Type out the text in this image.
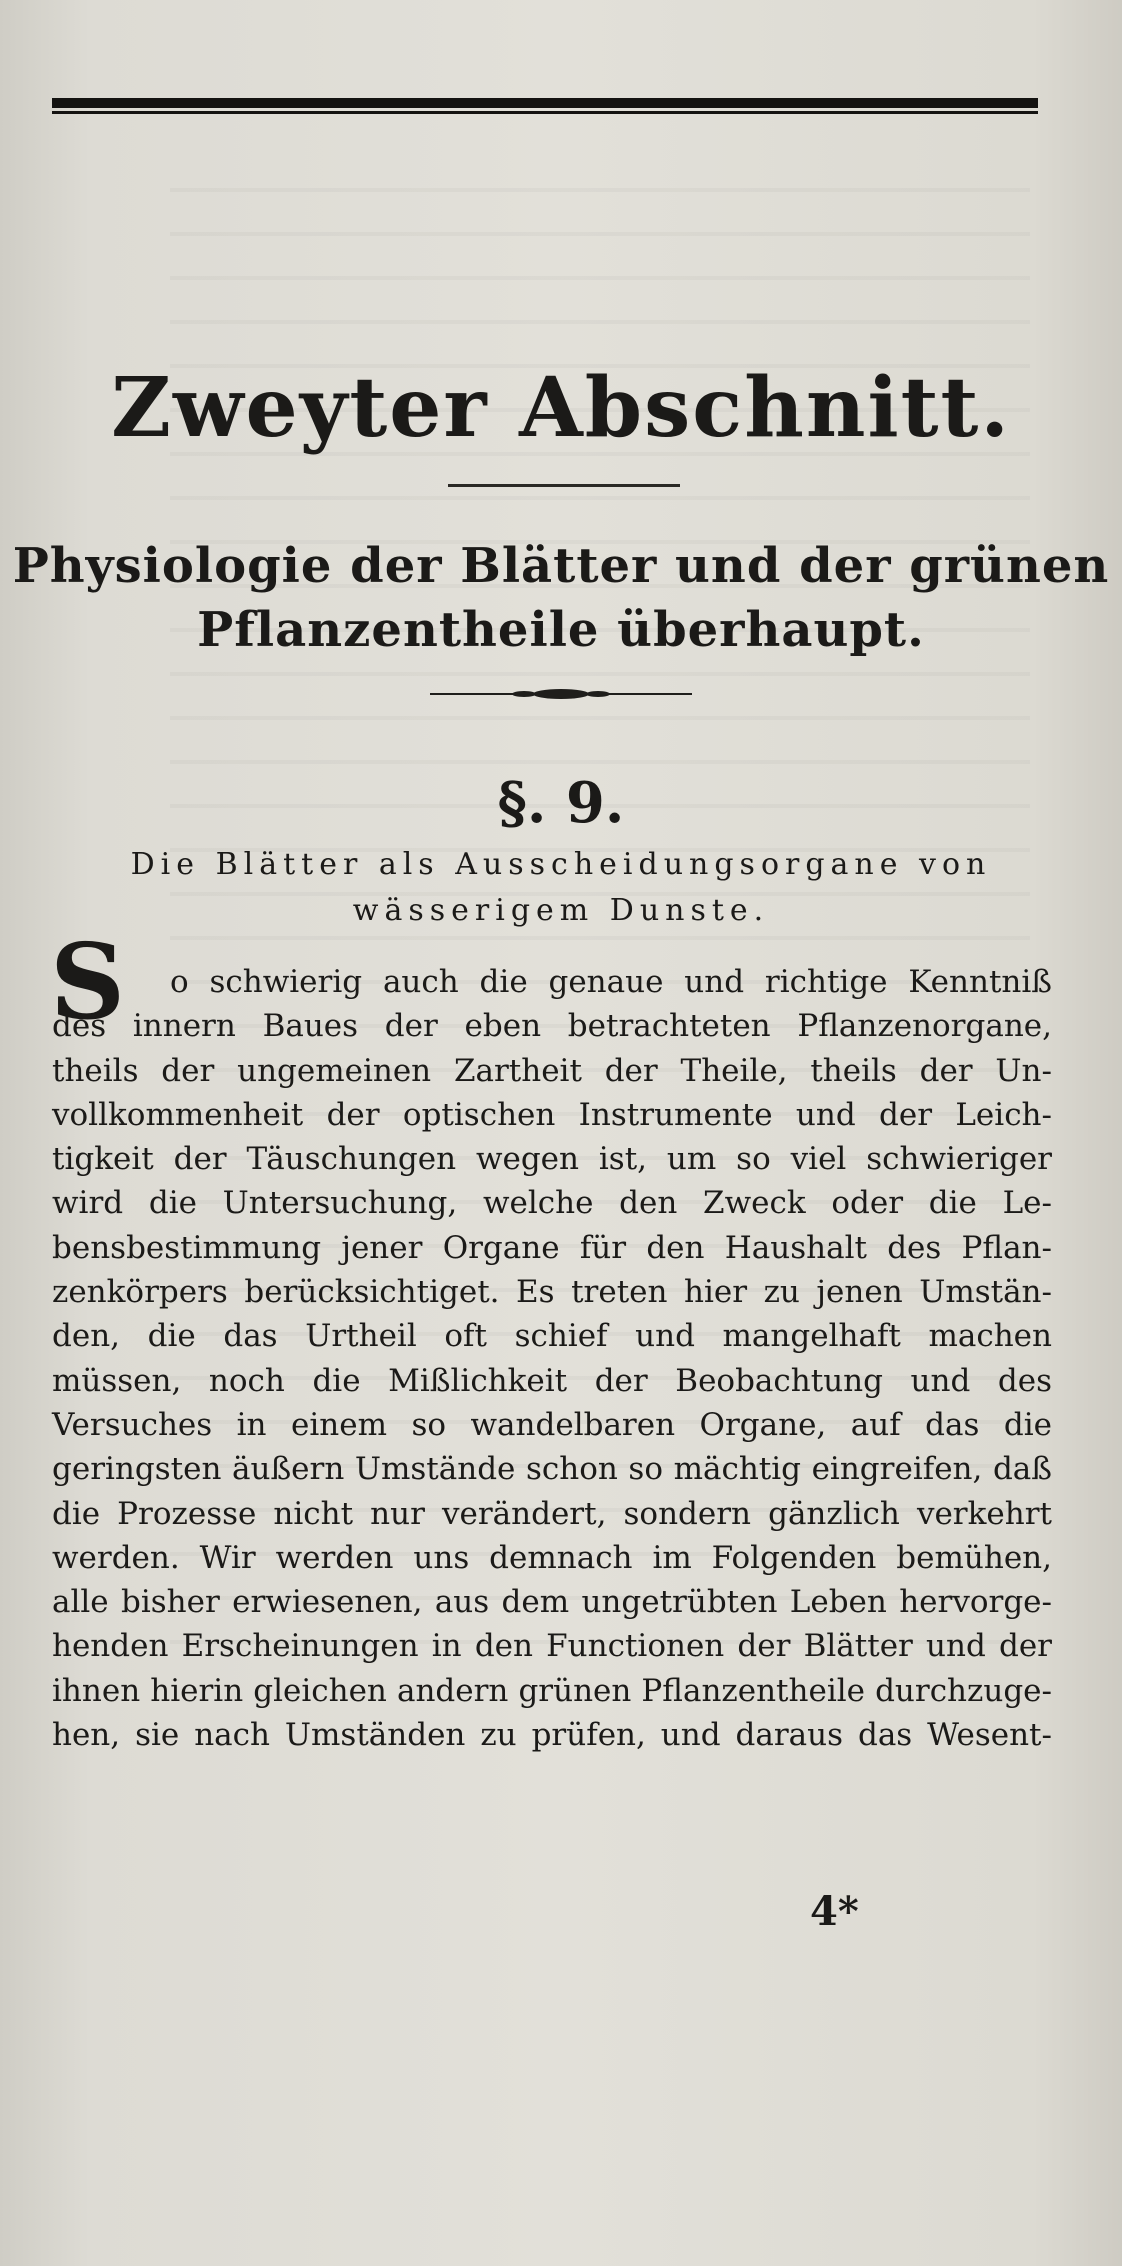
Zweyter Abschnitt.
Physiologie der Blätter und der grünen
Pflanzentheile überhaupt.
§. 9.
Die Blätter als Ausscheidungsorgane von
wässerigem Dunste.
S o schwierig auch die genaue und richtige Kenntniß
des innern Baues der eben betrachteten Pflanzenorgane,
theils der ungemeinen Zartheit der Theile, theils der Un-
vollkommenheit der optischen Instrumente und der Leich-
tigkeit der Täuschungen wegen ist, um so viel schwieriger
wird die Untersuchung, welche den Zweck oder die Le-
bensbestimmung jener Organe für den Haushalt des Pflan-
zenkörpers berücksichtiget. Es treten hier zu jenen Umstän-
den, die das Urtheil oft schief und mangelhaft machen
müssen, noch die Mißlichkeit der Beobachtung und des
Versuches in einem so wandelbaren Organe, auf das die
geringsten äußern Umstände schon so mächtig eingreifen, daß
die Prozesse nicht nur verändert, sondern gänzlich verkehrt
werden. Wir werden uns demnach im Folgenden bemühen,
alle bisher erwiesenen, aus dem ungetrübten Leben hervorge-
henden Erscheinungen in den Functionen der Blätter und der
ihnen hierin gleichen andern grünen Pflanzentheile durchzuge-
hen, sie nach Umständen zu prüfen, und daraus das Wesent-
4*
